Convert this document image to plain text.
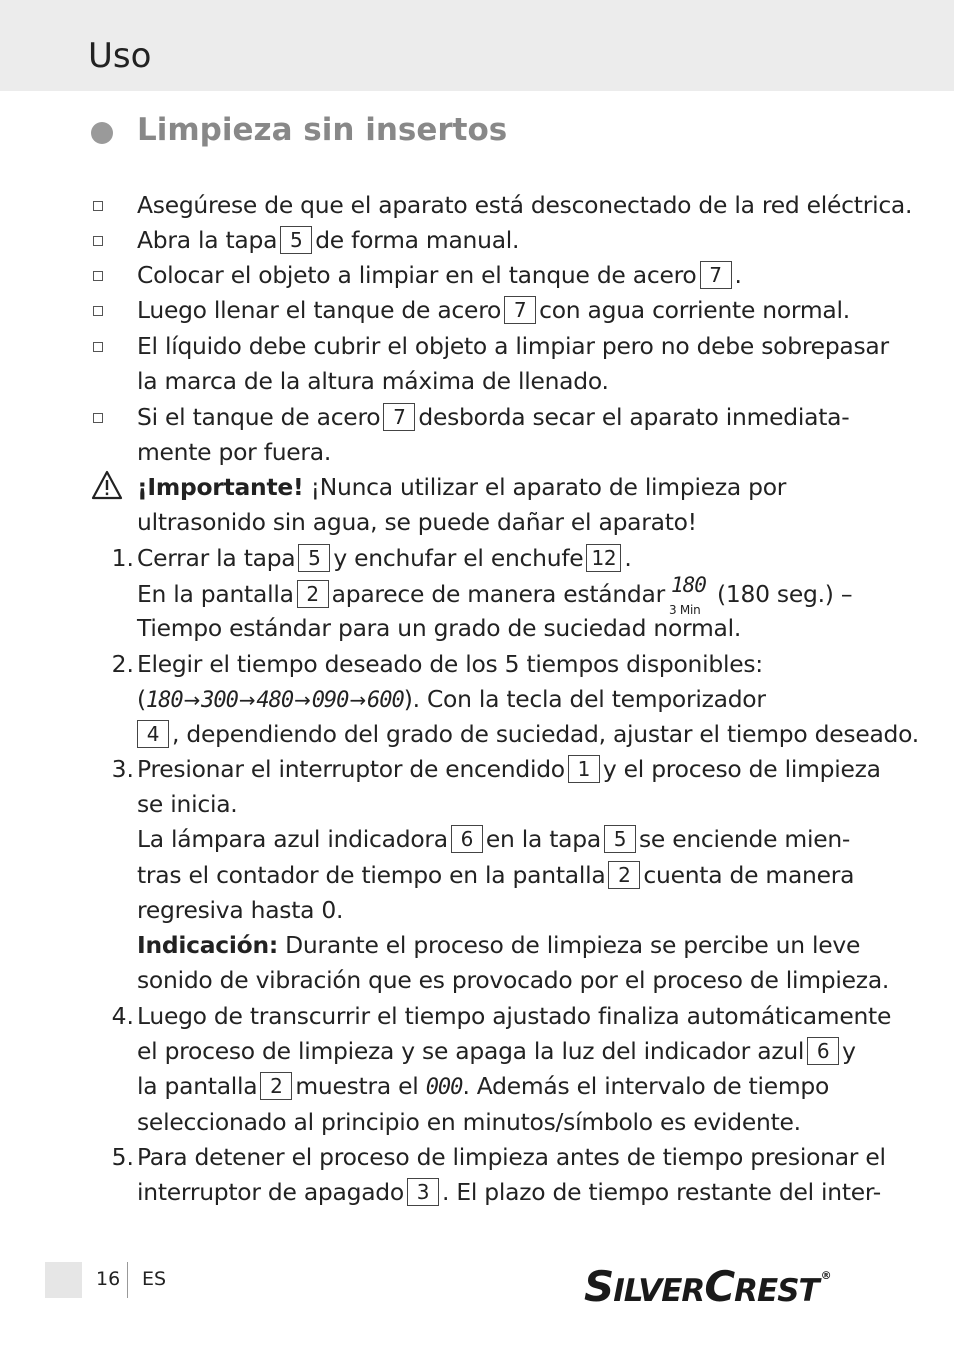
Uso
Limpieza sin insertos
Asegúrese de que el aparato está desconectado de la red eléctrica.
Abra la tapa 5 de forma manual.
Colocar el objeto a limpiar en el tanque de acero 7 .
Luego llenar el tanque de acero 7 con agua corriente normal.
El líquido debe cubrir el objeto a limpiar pero no debe sobrepasar
la marca de la altura máxima de llenado.
Si el tanque de acero 7 desborda secar el aparato inmediata-
mente por fuera.
¡Importante! ¡Nunca utilizar el aparato de limpieza por
ultrasonido sin agua, se puede dañar el aparato!
1. Cerrar la tapa 5 y enchufar el enchufe 12 .
En la pantalla 2 aparece de manera estándar 180
3 Min
(180 seg.) –
Tiempo estándar para un grado de suciedad normal.
2. Elegir el tiempo deseado de los 5 tiempos disponibles:
(180→300→480→090→600). Con la tecla del temporizador
4 , dependiendo del grado de suciedad, ajustar el tiempo deseado.
3. Presionar el interruptor de encendido 1 y el proceso de limpieza
se inicia.
La lámpara azul indicadora 6 en la tapa 5 se enciende mien-
tras el contador de tiempo en la pantalla 2 cuenta de manera
regresiva hasta 0.
Indicación: Durante el proceso de limpieza se percibe un leve
sonido de vibración que es provocado por el proceso de limpieza.
4. Luego de transcurrir el tiempo ajustado finaliza automáticamente
el proceso de limpieza y se apaga la luz del indicador azul 6 y
la pantalla 2 muestra el 000. Además el intervalo de tiempo
seleccionado al principio en minutos/símbolo es evidente.
5. Para detener el proceso de limpieza antes de tiempo presionar el
interruptor de apagado 3 . El plazo de tiempo restante del inter-
16 ES	SILVERCREST ®
